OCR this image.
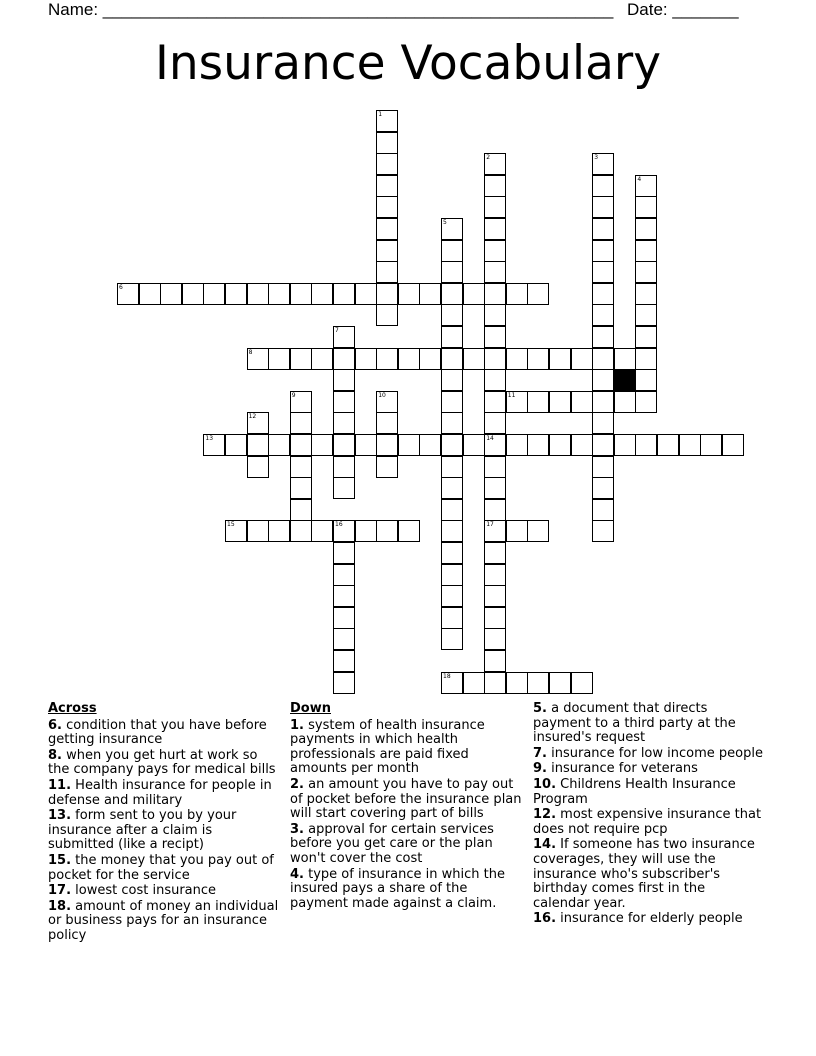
Name: ______________________________________________________ Date: _______
Insurance Vocabulary
6
8
11
13	14
15	16	17
18
1
2	3
4
5
7
9	10
12
Across
6. condition that you have before getting insurance
8. when you get hurt at work so the company pays for medical bills
11. Health insurance for people in defense and military
13. form sent to you by your insurance after a claim is submitted (like a recipt)
15. the money that you pay out of pocket for the service
17. lowest cost insurance
18. amount of money an individual or business pays for an insurance policy
Down
1. system of health insurance payments in which health professionals are paid fixed amounts per month
2. an amount you have to pay out of pocket before the insurance plan will start covering part of bills
3. approval for certain services before you get care or the plan won't cover the cost
4. type of insurance in which the insured pays a share of the payment made against a claim.
5. a document that directs payment to a third party at the insured's request
7. insurance for low income people
9. insurance for veterans
10. Childrens Health Insurance Program
12. most expensive insurance that does not require pcp
14. If someone has two insurance coverages, they will use the insurance who's subscriber's birthday comes first in the calendar year.
16. insurance for elderly people
